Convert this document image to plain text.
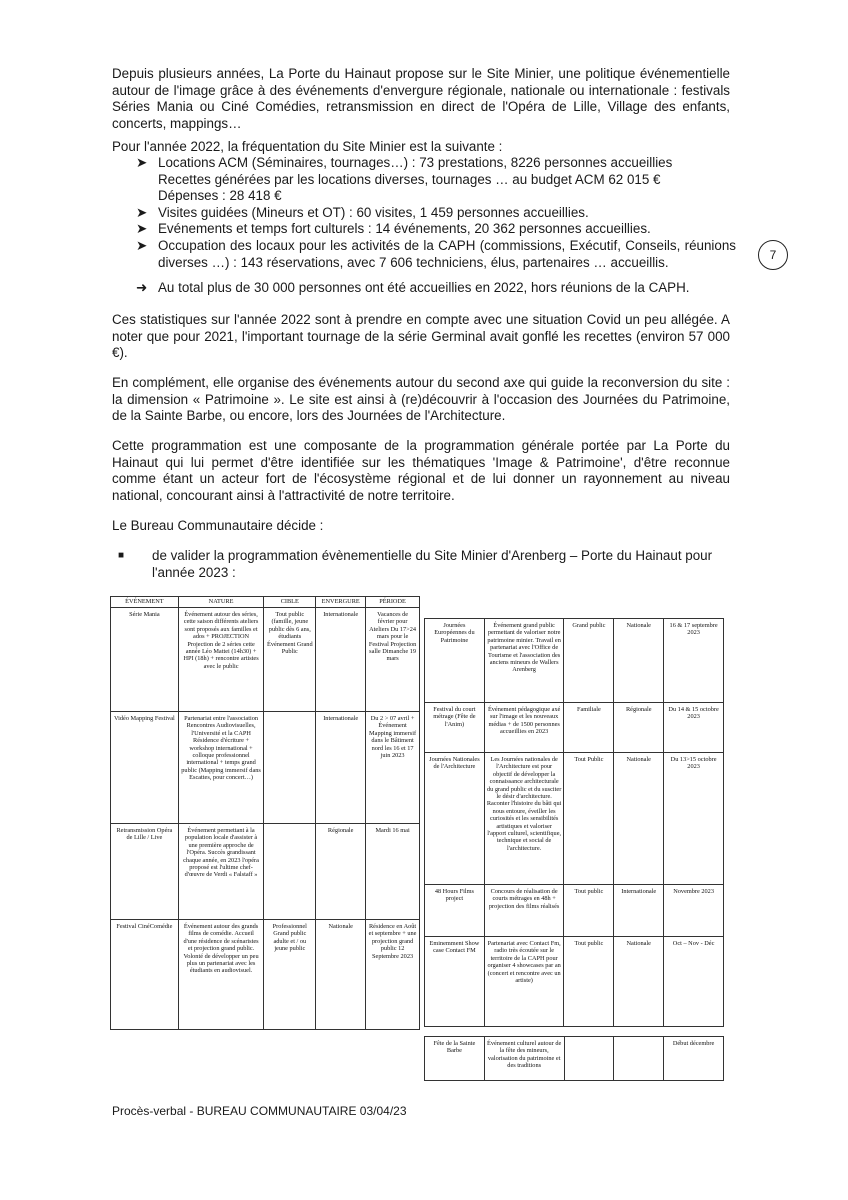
Depuis plusieurs années, La Porte du Hainaut propose sur le Site Minier, une politique événementielle autour de l'image grâce à des événements d'envergure régionale, nationale ou internationale : festivals Séries Mania ou Ciné Comédies, retransmission en direct de l'Opéra de Lille, Village des enfants, concerts, mappings…

Pour l'année 2022, la fréquentation du Site Minier est la suivante :

➤ Locations ACM (Séminaires, tournages…) : 73 prestations, 8226 personnes accueillies
Recettes générées par les locations diverses, tournages … au budget ACM 62 015 €
Dépenses : 28 418 €
➤ Visites guidées (Mineurs et OT) : 60 visites, 1 459 personnes accueillies.
➤ Evénements et temps fort culturels : 14 événements, 20 362 personnes accueillies.
➤ Occupation des locaux pour les activités de la CAPH (commissions, Exécutif, Conseils, réunions diverses …) : 143 réservations, avec 7 606 techniciens, élus, partenaires … accueillis.	7
➜ Au total plus de 30 000 personnes ont été accueillies en 2022, hors réunions de la CAPH.

Ces statistiques sur l'année 2022 sont à prendre en compte avec une situation Covid un peu allégée. A noter que pour 2021, l'important tournage de la série Germinal avait gonflé les recettes (environ 57 000 €).

En complément, elle organise des événements autour du second axe qui guide la reconversion du site : la dimension « Patrimoine ». Le site est ainsi à (re)découvrir à l'occasion des Journées du Patrimoine, de la Sainte Barbe, ou encore, lors des Journées de l'Architecture.

Cette programmation est une composante de la programmation générale portée par La Porte du Hainaut qui lui permet d'être identifiée sur les thématiques 'Image & Patrimoine', d'être reconnue comme étant un acteur fort de l'écosystème régional et de lui donner un rayonnement au niveau national, concourant ainsi à l'attractivité de notre territoire.

Le Bureau Communautaire décide :

■	de valider la programmation évènementielle du Site Minier d'Arenberg – Porte du Hainaut pour l'année 2023 :
ÉVÉNEMENT	NATURE	CIBLE	ENVERGURE	PÉRIODE
Série Mania	Événement autour des séries, cette saison différents ateliers sont proposés aux familles et ados + PROJECTION Projection de 2 séries cette année Léo Mattei (14h30) + HPI (18h) + rencontre artistes avec le public	Tout public (famille, jeune public dès 6 ans, étudiants Événement Grand Public	Internationale	Vacances de février pour Ateliers Du 17>24 mars pour le Festival Projection salle Dimanche 19 mars
Vidéo Mapping Festival	Partenariat entre l'association Rencontres Audiovisuelles, l'Université et la CAPH Résidence d'écriture + workshop international + colloque professionnel international + temps grand public (Mapping immersif dans Escattes, pour concert…)		Internationale	Du 2 > 07 avril + Événement Mapping immersif dans le Bâtiment nord les 16 et 17 juin 2023
Retransmission Opéra de Lille / Live	Événement permettant à la population locale d'assister à une première approche de l'Opéra. Succès grandissant chaque année, en 2023 l'opéra proposé est l'ultime chef-d'œuvre de Verdi « Falstaff »		Régionale	Mardi 16 mai
Festival CinéComédie	Événement autour des grands films de comédie. Accueil d'une résidence de scénaristes et projection grand public. Volonté de développer un peu plus un partenariat avec les étudiants en audiovisuel.	Professionnel Grand public adulte et / ou jeune public	Nationale	Résidence en Août et septembre + une projection grand public 12 Septembre 2023
Journées Européennes du Patrimoine	Événement grand public permettant de valoriser notre patrimoine minier. Travail en partenariat avec l'Office de Tourisme et l'association des anciens mineurs de Wallers Arenberg	Grand public	Nationale	16 & 17 septembre 2023
Festival du court métrage (Fête de l'Anim)	Événement pédagogique axé sur l'image et les nouveaux médias + de 1500 personnes accueillies en 2023	Familiale	Régionale	Du 14 & 15 octobre 2023
Journées Nationales de l'Architecture	Les Journées nationales de l'Architecture est pour objectif de développer la connaissance architecturale du grand public et du susciter le désir d'architecture. Raconter l'histoire du bâti qui nous entoure, éveiller les curiosités et les sensibilités artistiques et valoriser l'apport culturel, scientifique, technique et social de l'architecture.	Tout Public	Nationale	Du 13>15 octobre 2023
48 Hours Films project	Concours de réalisation de courts métrages en 48h + projection des films réalisés	Tout public	Internationale	Novembre 2023
Eminemment Show case Contact FM	Partenariat avec Contact Fm, radio très écoutée sur le territoire de la CAPH pour organiser 4 showcases par an (concert et rencontre avec un artiste)	Tout public	Nationale	Oct – Nov - Déc
Fête de la Sainte Barbe	Événement culturel autour de la fête des mineurs, valorisation du patrimoine et des traditions			Début décembre
Procès-verbal - BUREAU COMMUNAUTAIRE 03/04/23
